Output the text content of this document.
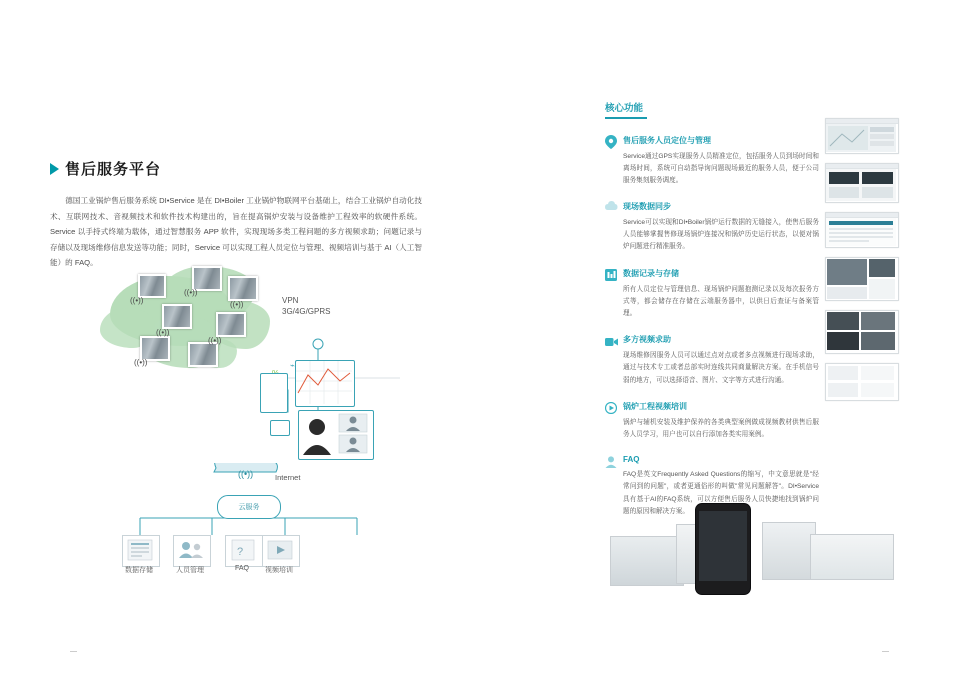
售后服务平台
德国工业锅炉售后服务系统 DI•Service 是在 DI•Boiler 工业锅炉物联网平台基础上，结合工业锅炉自动化技术、互联网技术、音视频技术和软件技术构建出的，旨在提高锅炉安装与设备维护工程效率的软硬件系统。Service 以手持式终端为载体，通过智慧服务 APP 软件，实现现场多类工程问题的多方视频求助；问题记录与存储以及现场维修信息发送等功能；同时，Service 可以实现工程人员定位与管理、视频培训与基于 AI（人工智能）的 FAQ。
((•))
((•))
((•))
((•))
((•))
((•))
VPN
3G/4G/GPRS
⌁
((•))
云服务
Internet
?
数据存储	人员管理	FAQ	视频培训
核心功能
售后服务人员定位与管理

Service通过GPS实现服务人员精准定位，包括服务人员到场时间和离场时间，系统可自动指导询问题现场最近的服务人员，便于公司服务集刻服务调度。

现场数据同步

Service可以实现和DI•Boiler锅炉运行数据的无缝接入，使售后服务人员能够掌握售修现场锅炉连接况和锅炉历史运行状态，以便对锅炉问题进行精准服务。

数据记录与存储

所有人员定位与管理信息、现场锅炉问题抱测记录以及每次报务方式等，都会储存在存储在云端服务器中，以供日后查证与备案管理。

多方视频求助

现场维修因服务人员可以通过点对点或者多点视频进行现场求助，通过与技术专工或者总部实时连线共同商量解决方案。在手机信号弱的地方，可以选择语音、图片、文字等方式进行沟通。

锅炉工程视频培训

锅炉与辅机安装及维护保养的各类典型案例做成视频教材供售后服务人员学习，用户也可以自行添加各类实用案例。

FAQ

FAQ是英文Frequently Asked Questions的缩写，中文意思就是"经常问到的问题"，或者更通俗形的叫做"常见问题解答"。DI•Service具有基于AI的FAQ系统，可以方便售后服务人员快捷地找到锅炉问题的原因和解决方案。

—	—
